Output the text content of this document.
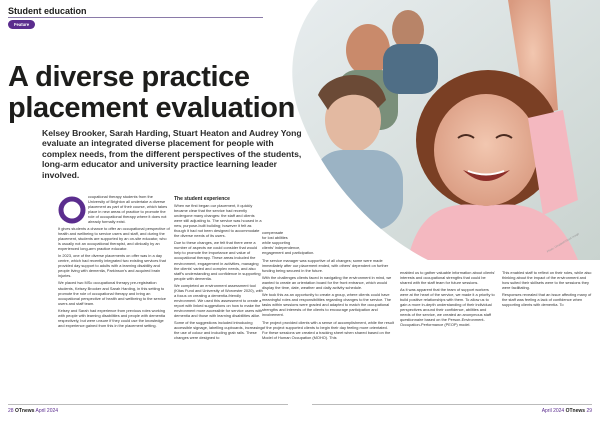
Student education
Feature
Photo: Unsplash/Stock image
A diverse practice placement evaluation

Kelsey Brooker, Sarah Harding, Stuart Heaton and Audrey Yong evaluate an integrated diverse placement for people with complex needs, from the different perspectives of the students, long-arm educator and university practice learning leader involved.

ccupational therapy students from the University of Brighton all undertake a diverse placement as part of their course, which takes place in new areas of practice to promote the role of occupational therapy where it does not already formally exist.

It gives students a chance to offer an occupational perspective of health and wellbeing to service users and staff, and during the placement, students are supported by an on-site educator, who is usually not an occupational therapist, and clinically by an experienced long-arm practice educator.

In 2023, one of the diverse placements on offer was in a day centre, which had recently integrated two existing services that provided day support to adults with a learning disability and people living with dementia, Parkinson's and acquired brain injuries.

We placed two MSc occupational therapy pre-registration students, Kelsey Brooker and Sarah Harding, in this setting to promote the role of occupational therapy and bring an occupational perspective of health and wellbeing to the service users and staff team.

Kelsey and Sarah had experience from previous roles working with people with learning disabilities and people with dementia respectively, but were unsure if they could use the knowledge and experience gained from this in the placement setting.

The student experience

When we first began our placement, it quickly became clear that the service had recently undergone many changes: the staff and clients were still adjusting to. The service was housed in a new, purpose-built building; however it felt as though it had not been designed to accommodate the diverse needs of its users.

Due to these changes, we felt that there were a number of aspects we could consider that would help to promote the importance and value of occupational therapy. These areas included the environment, engagement in activities, managing the clients' varied and complex needs, and also staff's understanding and confidence in supporting people with dementia.

We completed an environment assessment tool (Kitas Fund and University of Worcester 2020), with a focus on creating a dementia-friendly environment. We used this assessment to create a report with linked suggestions on how to make the environment more accessible for service users with dementia and those with learning disabilities alike.

Some of the suggestions included introducing accessible signage, labelling cupboards, increasing the use of colour and including grab rails. These changes were designed to

compensate
for lost abilities
while supporting
clients' independence,
engagement and participation.

The service manager was supportive of all changes; some were made immediately after our placement ended, with others' dependent on further funding being secured in the future.

With the challenges clients faced in navigating the environment in mind, we wanted to create an orientation board for the front entrance, which would display the time, date, weather and daily activity schedule.

We took this as an opportunity to create a group, where clients could have meaningful roles and responsibilities regarding changes to the service. The tasks within sessions were graded and adapted to match the occupational strengths and interests of the clients to encourage participation and involvement.

The project provided clients with a sense of accomplishment, while the result of the project supported clients to begin their day feeling more orientated. For these sessions we created a tracking sheet when shared based on the Model of Human Occupation (MOHO). This

enabled us to gather valuable information about clients' interests and occupational strengths that could be shared with the staff team for future sessions.

As it was apparent that the team of support workers were at the heart of the service, we made it a priority to build positive relationships with them. To allow us to gain a more in-depth understanding of their individual perspectives around their confidence, abilities and needs of the service, we created an anonymous staff questionnaire based on the Person-Environment-Occupation-Performance (PEOP) model.

This enabled staff to reflect on their roles, while also thinking about the impact of the environment and how suited their skillsets were to the sessions they were facilitating.

Responses revealed that an issue affecting many of the staff was feeling a lack of confidence when supporting clients with dementia. To

28 OTnews April 2024	April 2024 OTnews 29
